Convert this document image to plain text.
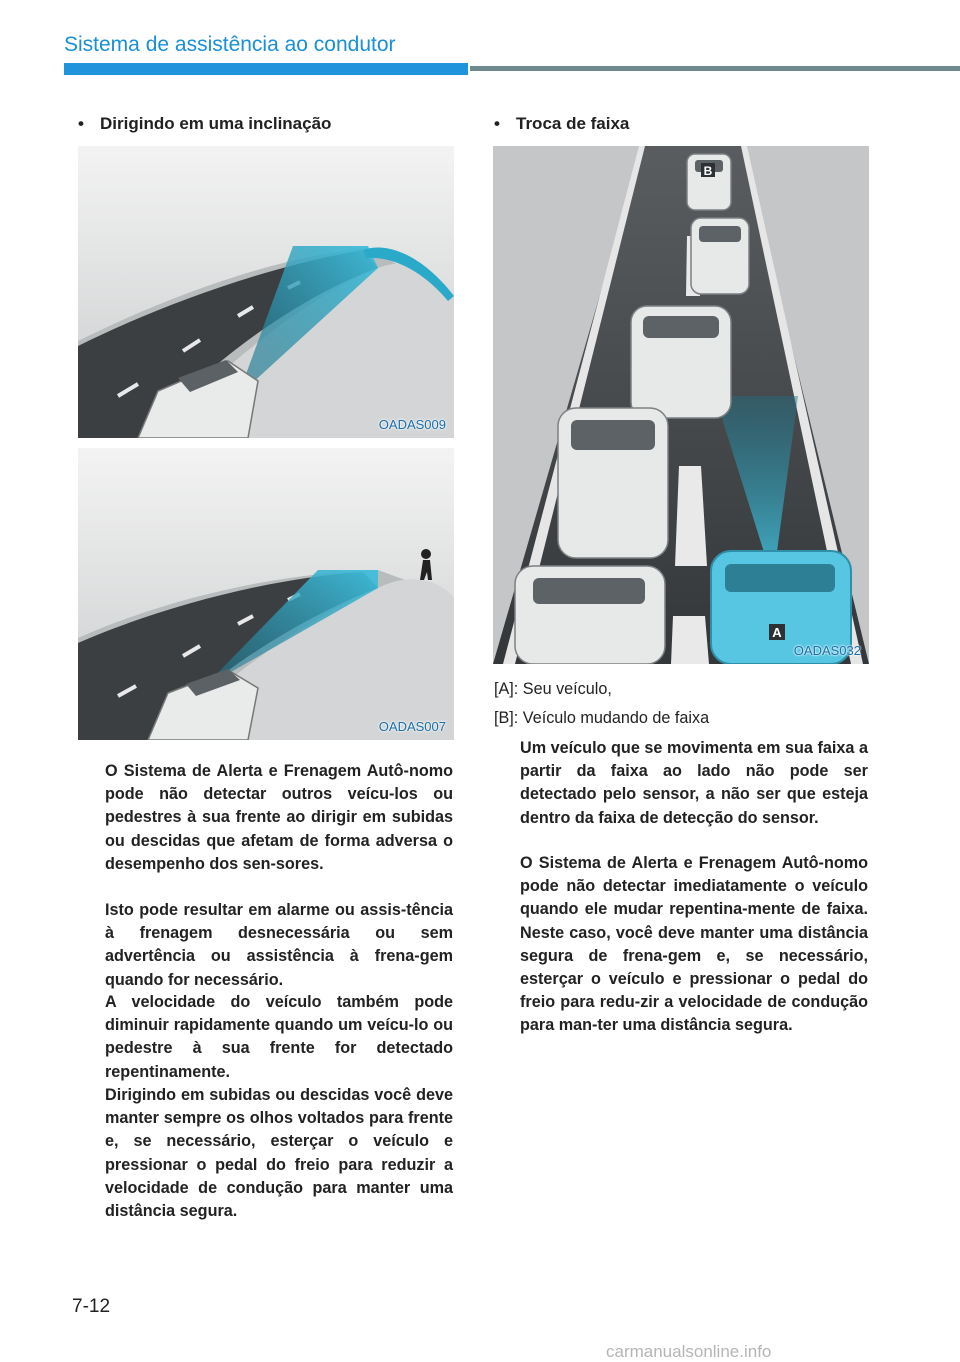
Sistema de assistência ao condutor
• Dirigindo em uma inclinação
OADAS009
OADAS007
O Sistema de Alerta e Frenagem Autô-nomo pode não detectar outros veícu-los ou pedestres à sua frente ao dirigir em subidas ou descidas que afetam de forma adversa o desempenho dos sen-sores.
Isto pode resultar em alarme ou assis-tência à frenagem desnecessária ou sem advertência ou assistência à frena-gem quando for necessário.
A velocidade do veículo também pode diminuir rapidamente quando um veícu-lo ou pedestre à sua frente for detectado repentinamente.
Dirigindo em subidas ou descidas você deve manter sempre os olhos voltados para frente e, se necessário, esterçar o veículo e pressionar o pedal do freio para reduzir a velocidade de condução para manter uma distância segura.
• Troca de faixa
B
A
OADAS032
[A]: Seu veículo,
[B]: Veículo mudando de faixa
Um veículo que se movimenta em sua faixa a partir da faixa ao lado não pode ser detectado pelo sensor, a não ser que esteja dentro da faixa de detecção do sensor.
O Sistema de Alerta e Frenagem Autô-nomo pode não detectar imediatamente o veículo quando ele mudar repentina-mente de faixa. Neste caso, você deve manter uma distância segura de frena-gem e, se necessário, esterçar o veículo e pressionar o pedal do freio para redu-zir a velocidade de condução para man-ter uma distância segura.
7-12
carmanualsonline.info
